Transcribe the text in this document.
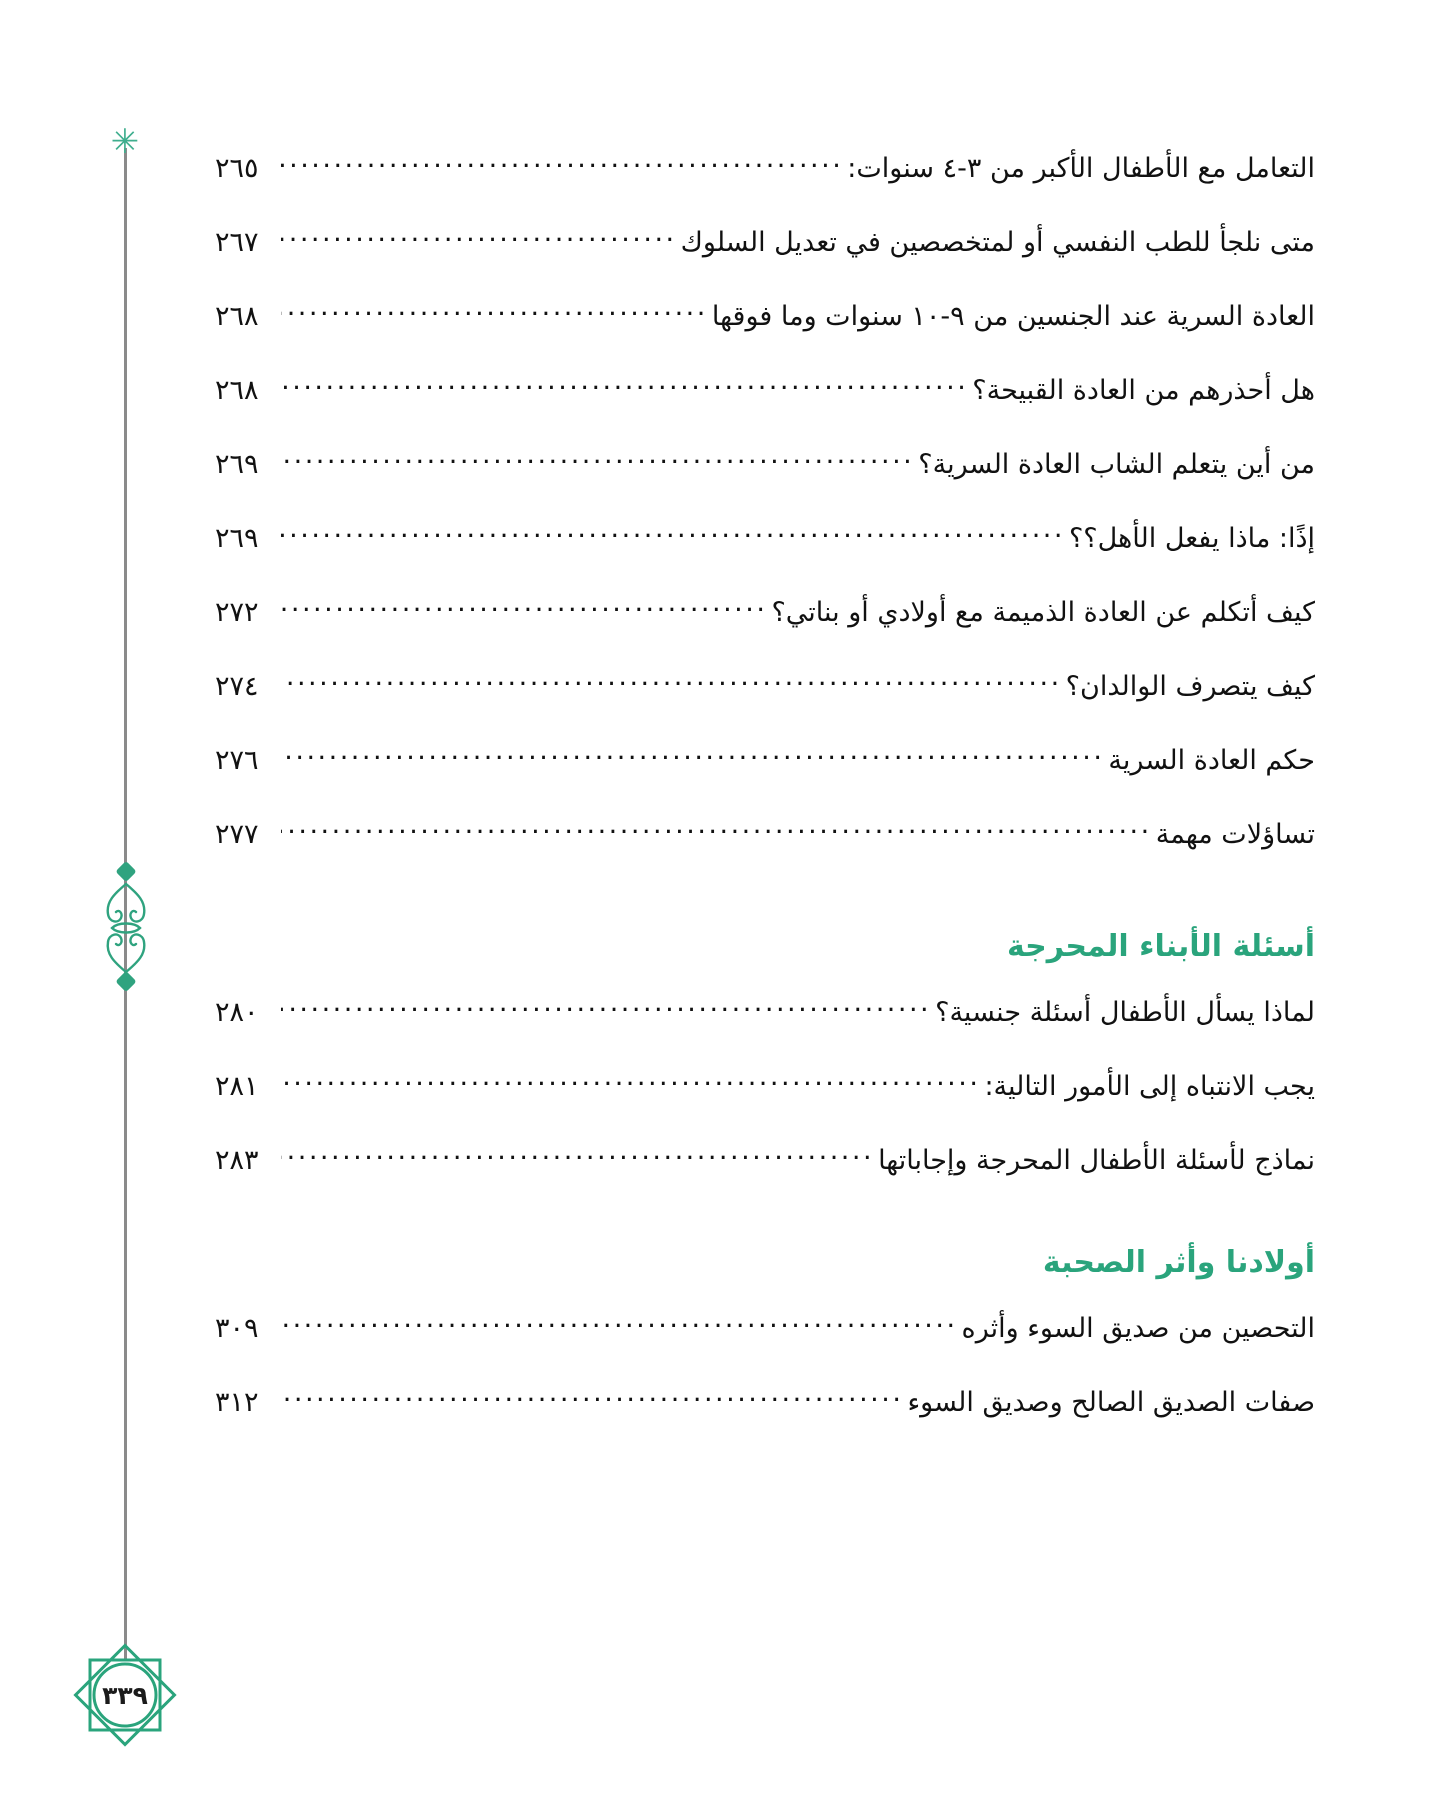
✳
٣٣٩
التعامل مع الأطفال الأكبر من ٣-٤ سنوات:
.....
٢٦٥
متى نلجأ للطب النفسي أو لمتخصصين في تعديل السلوك
.....
٢٦٧
العادة السرية عند الجنسين من ٩-١٠ سنوات وما فوقها
.....
٢٦٨
هل أحذرهم من العادة القبيحة؟
.....
٢٦٨
من أين يتعلم الشاب العادة السرية؟
.....
٢٦٩
إذًا: ماذا يفعل الأهل؟؟
.....
٢٦٩
كيف أتكلم عن العادة الذميمة مع أولادي أو بناتي؟
.....
٢٧٢
كيف يتصرف الوالدان؟
.....
٢٧٤
حكم العادة السرية
.....
٢٧٦
تساؤلات مهمة
.....
٢٧٧
أسئلة الأبناء المحرجة
لماذا يسأل الأطفال أسئلة جنسية؟
.....
٢٨٠
يجب الانتباه إلى الأمور التالية:
.....
٢٨١
نماذج لأسئلة الأطفال المحرجة وإجاباتها
.....
٢٨٣
أولادنا وأثر الصحبة
التحصين من صديق السوء وأثره
.....
٣٠٩
صفات الصديق الصالح وصديق السوء
.....
٣١٢
